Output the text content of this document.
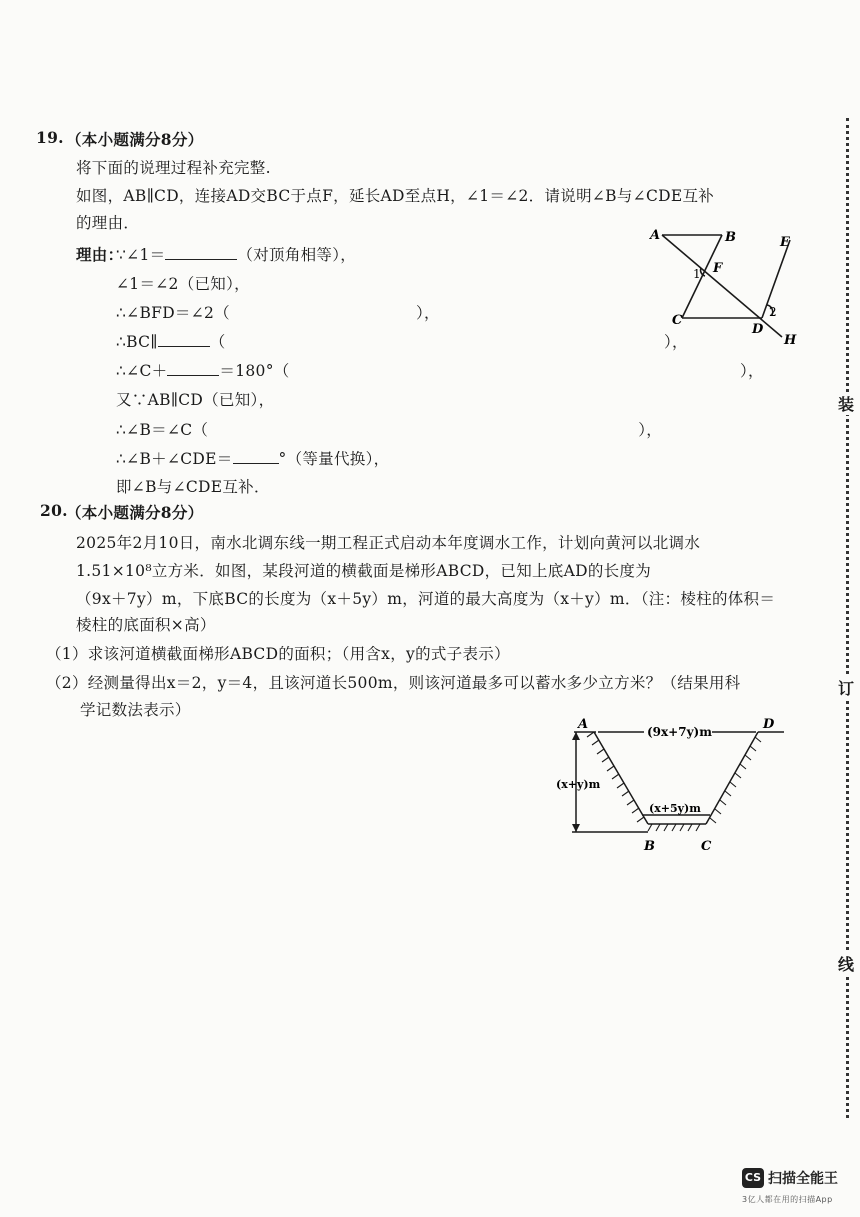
19. （本小题满分8分）
将下面的说理过程补充完整.
如图，AB∥CD，连接AD交BC于点F，延长AD至点H，∠1＝∠2．请说明∠B与∠CDE互补
的理由．
理由：
∵∠1＝	（对顶角相等），
∠1＝∠2（已知），
∴∠BFD＝∠2（	），
∴BC∥	（	），
∴∠C＋	＝180°（	），
又∵AB∥CD（已知），
∴∠B＝∠C（	），
∴∠B＋∠CDE＝	°（等量代换），
即∠B与∠CDE互补．
A	B
C
D
E
F
H
1
2
20.
（本小题满分8分）
2025年2月10日，南水北调东线一期工程正式启动本年度调水工作，计划向黄河以北调水
1.51×10⁸立方米．如图，某段河道的横截面是梯形ABCD，已知上底AD的长度为
（9x＋7y）m，下底BC的长度为（x＋5y）m，河道的最大高度为（x＋y）m．（注：棱柱的体积＝
棱柱的底面积×高）
（1）求该河道横截面梯形ABCD的面积；（用含x，y的式子表示）
（2）经测量得出x＝2，y＝4，且该河道长500m，则该河道最多可以蓄水多少立方米？（结果用科
学记数法表示）
A	D
B	C
(9x+7y)m
(x+5y)m
(x+y)m
装
订
线
CS 扫描全能王
3亿人都在用的扫描App
